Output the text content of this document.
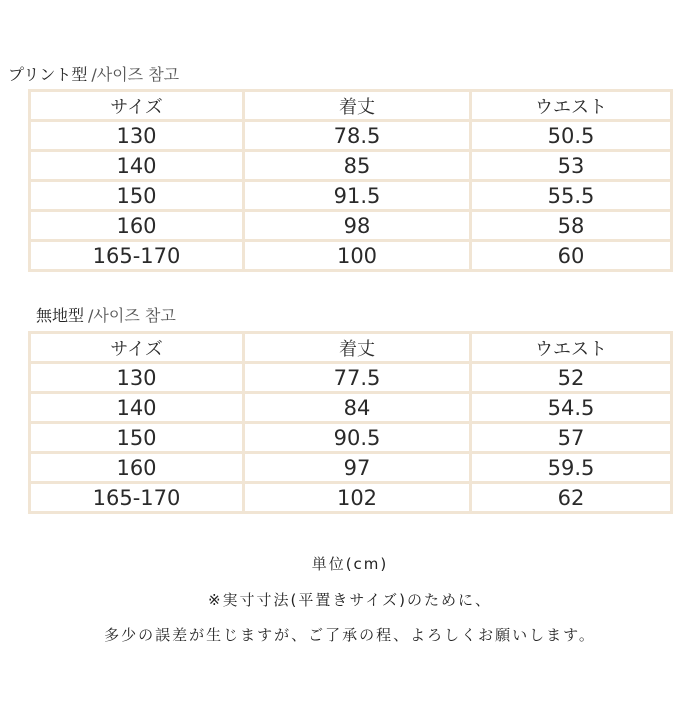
プリント型 /사이즈 참고
サイズ	着丈	ウエスト
130	78.5	50.5
140	85	53
150	91.5	55.5
160	98	58
165-170	100	60
無地型 /사이즈 참고
サイズ	着丈	ウエスト
130	77.5	52
140	84	54.5
150	90.5	57
160	97	59.5
165-170	102	62
単位(cm)
※実寸寸法(平置きサイズ)のために、
多少の誤差が生じますが、ご了承の程、よろしくお願いします。
